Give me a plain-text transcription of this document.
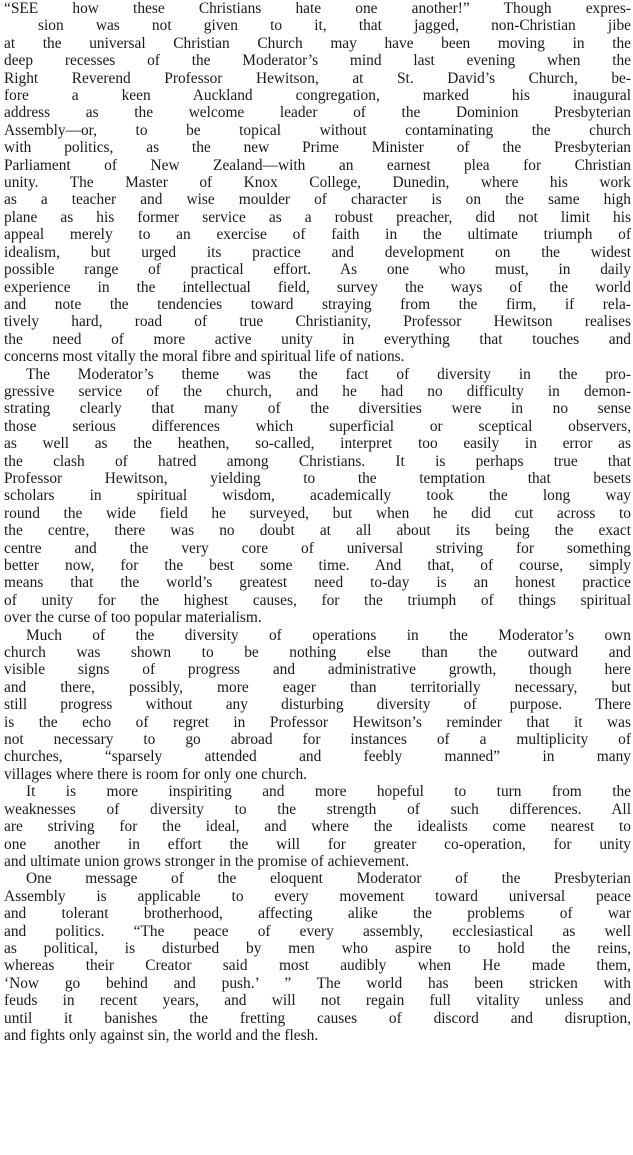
“SEE how these Christians hate one another!” Though expres-
sion was not given to it, that jagged, non-Christian jibe
at the universal Christian Church may have been moving in the
deep recesses of the Moderator’s mind last evening when the
Right Reverend Professor Hewitson, at St. David’s Church, be-
fore a keen Auckland congregation, marked his inaugural
address as the welcome leader of the Dominion Presbyterian
Assembly—or, to be topical without contaminating the church
with politics, as the new Prime Minister of the Presbyterian
Parliament of New Zealand—with an earnest plea for Christian
unity. The Master of Knox College, Dunedin, where his work
as a teacher and wise moulder of character is on the same high
plane as his former service as a robust preacher, did not limit his
appeal merely to an exercise of faith in the ultimate triumph of
idealism, but urged its practice and development on the widest
possible range of practical effort. As one who must, in daily
experience in the intellectual field, survey the ways of the world
and note the tendencies toward straying from the firm, if rela-
tively hard, road of true Christianity, Professor Hewitson realises
the need of more active unity in everything that touches and
concerns most vitally the moral fibre and spiritual life of nations.
The Moderator’s theme was the fact of diversity in the pro-
gressive service of the church, and he had no difficulty in demon-
strating clearly that many of the diversities were in no sense
those serious differences which superficial or sceptical observers,
as well as the heathen, so-called, interpret too easily in error as
the clash of hatred among Christians. It is perhaps true that
Professor Hewitson, yielding to the temptation that besets
scholars in spiritual wisdom, academically took the long way
round the wide field he surveyed, but when he did cut across to
the centre, there was no doubt at all about its being the exact
centre and the very core of universal striving for something
better now, for the best some time. And that, of course, simply
means that the world’s greatest need to-day is an honest practice
of unity for the highest causes, for the triumph of things spiritual
over the curse of too popular materialism.
Much of the diversity of operations in the Moderator’s own
church was shown to be nothing else than the outward and
visible signs of progress and administrative growth, though here
and there, possibly, more eager than territorially necessary, but
still progress without any disturbing diversity of purpose. There
is the echo of regret in Professor Hewitson’s reminder that it was
not necessary to go abroad for instances of a multiplicity of
churches, “sparsely attended and feebly manned” in many
villages where there is room for only one church.
It is more inspiriting and more hopeful to turn from the
weaknesses of diversity to the strength of such differences. All
are striving for the ideal, and where the idealists come nearest to
one another in effort the will for greater co-operation, for unity
and ultimate union grows stronger in the promise of achievement.
One message of the eloquent Moderator of the Presbyterian
Assembly is applicable to every movement toward universal peace
and tolerant brotherhood, affecting alike the problems of war
and politics. “The peace of every assembly, ecclesiastical as well
as political, is disturbed by men who aspire to hold the reins,
whereas their Creator said most audibly when He made them,
‘Now go behind and push.’ ” The world has been stricken with
feuds in recent years, and will not regain full vitality unless and
until it banishes the fretting causes of discord and disruption,
and fights only against sin, the world and the flesh.
